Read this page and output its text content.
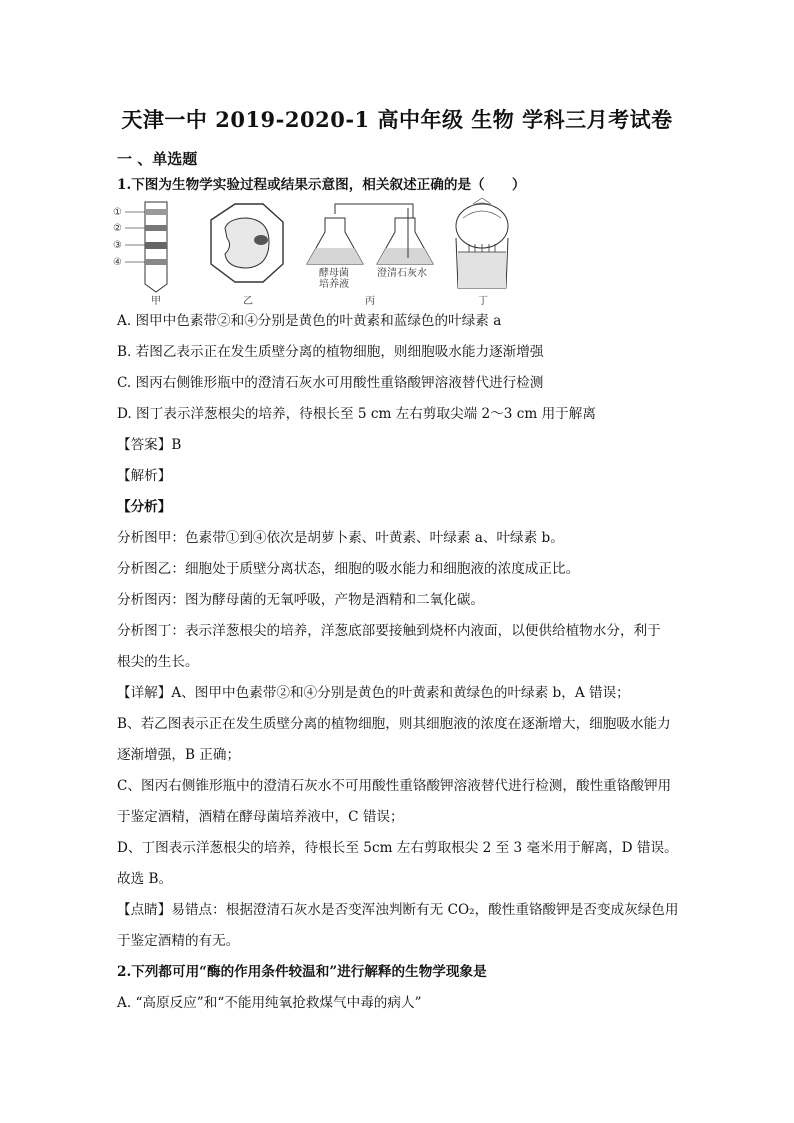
天津一中 2019-2020-1 高中年级 生物 学科三月考试卷
一 、单选题
1.下图为生物学实验过程或结果示意图，相关叙述正确的是（　　）
①
②
③
④
甲	乙
酵母菌
培养液
澄清石灰水
丙	丁
A. 图甲中色素带②和④分别是黄色的叶黄素和蓝绿色的叶绿素 a
B. 若图乙表示正在发生质壁分离的植物细胞，则细胞吸水能力逐渐增强
C. 图丙右侧锥形瓶中的澄清石灰水可用酸性重铬酸钾溶液替代进行检测
D. 图丁表示洋葱根尖的培养，待根长至 5 cm 左右剪取尖端 2～3 cm 用于解离
【答案】B
【解析】
【分析】
分析图甲：色素带①到④依次是胡萝卜素、叶黄素、叶绿素 a、叶绿素 b。
分析图乙：细胞处于质壁分离状态，细胞的吸水能力和细胞液的浓度成正比。
分析图丙：图为酵母菌的无氧呼吸，产物是酒精和二氧化碳。
分析图丁：表示洋葱根尖的培养，洋葱底部要接触到烧杯内液面，以便供给植物水分，利于
根尖的生长。
【详解】A、图甲中色素带②和④分别是黄色的叶黄素和黄绿色的叶绿素 b，A 错误；
B、若乙图表示正在发生质壁分离的植物细胞，则其细胞液的浓度在逐渐增大，细胞吸水能力
逐渐增强，B 正确；
C、图丙右侧锥形瓶中的澄清石灰水不可用酸性重铬酸钾溶液替代进行检测，酸性重铬酸钾用
于鉴定酒精，酒精在酵母菌培养液中，C 错误；
D、丁图表示洋葱根尖的培养，待根长至 5cm 左右剪取根尖 2 至 3 毫米用于解离，D 错误。
故选 B。
【点睛】易错点：根据澄清石灰水是否变浑浊判断有无 CO₂，酸性重铬酸钾是否变成灰绿色用
于鉴定酒精的有无。
2.下列都可用“酶的作用条件较温和”进行解释的生物学现象是
A. “高原反应”和“不能用纯氧抢救煤气中毒的病人”
